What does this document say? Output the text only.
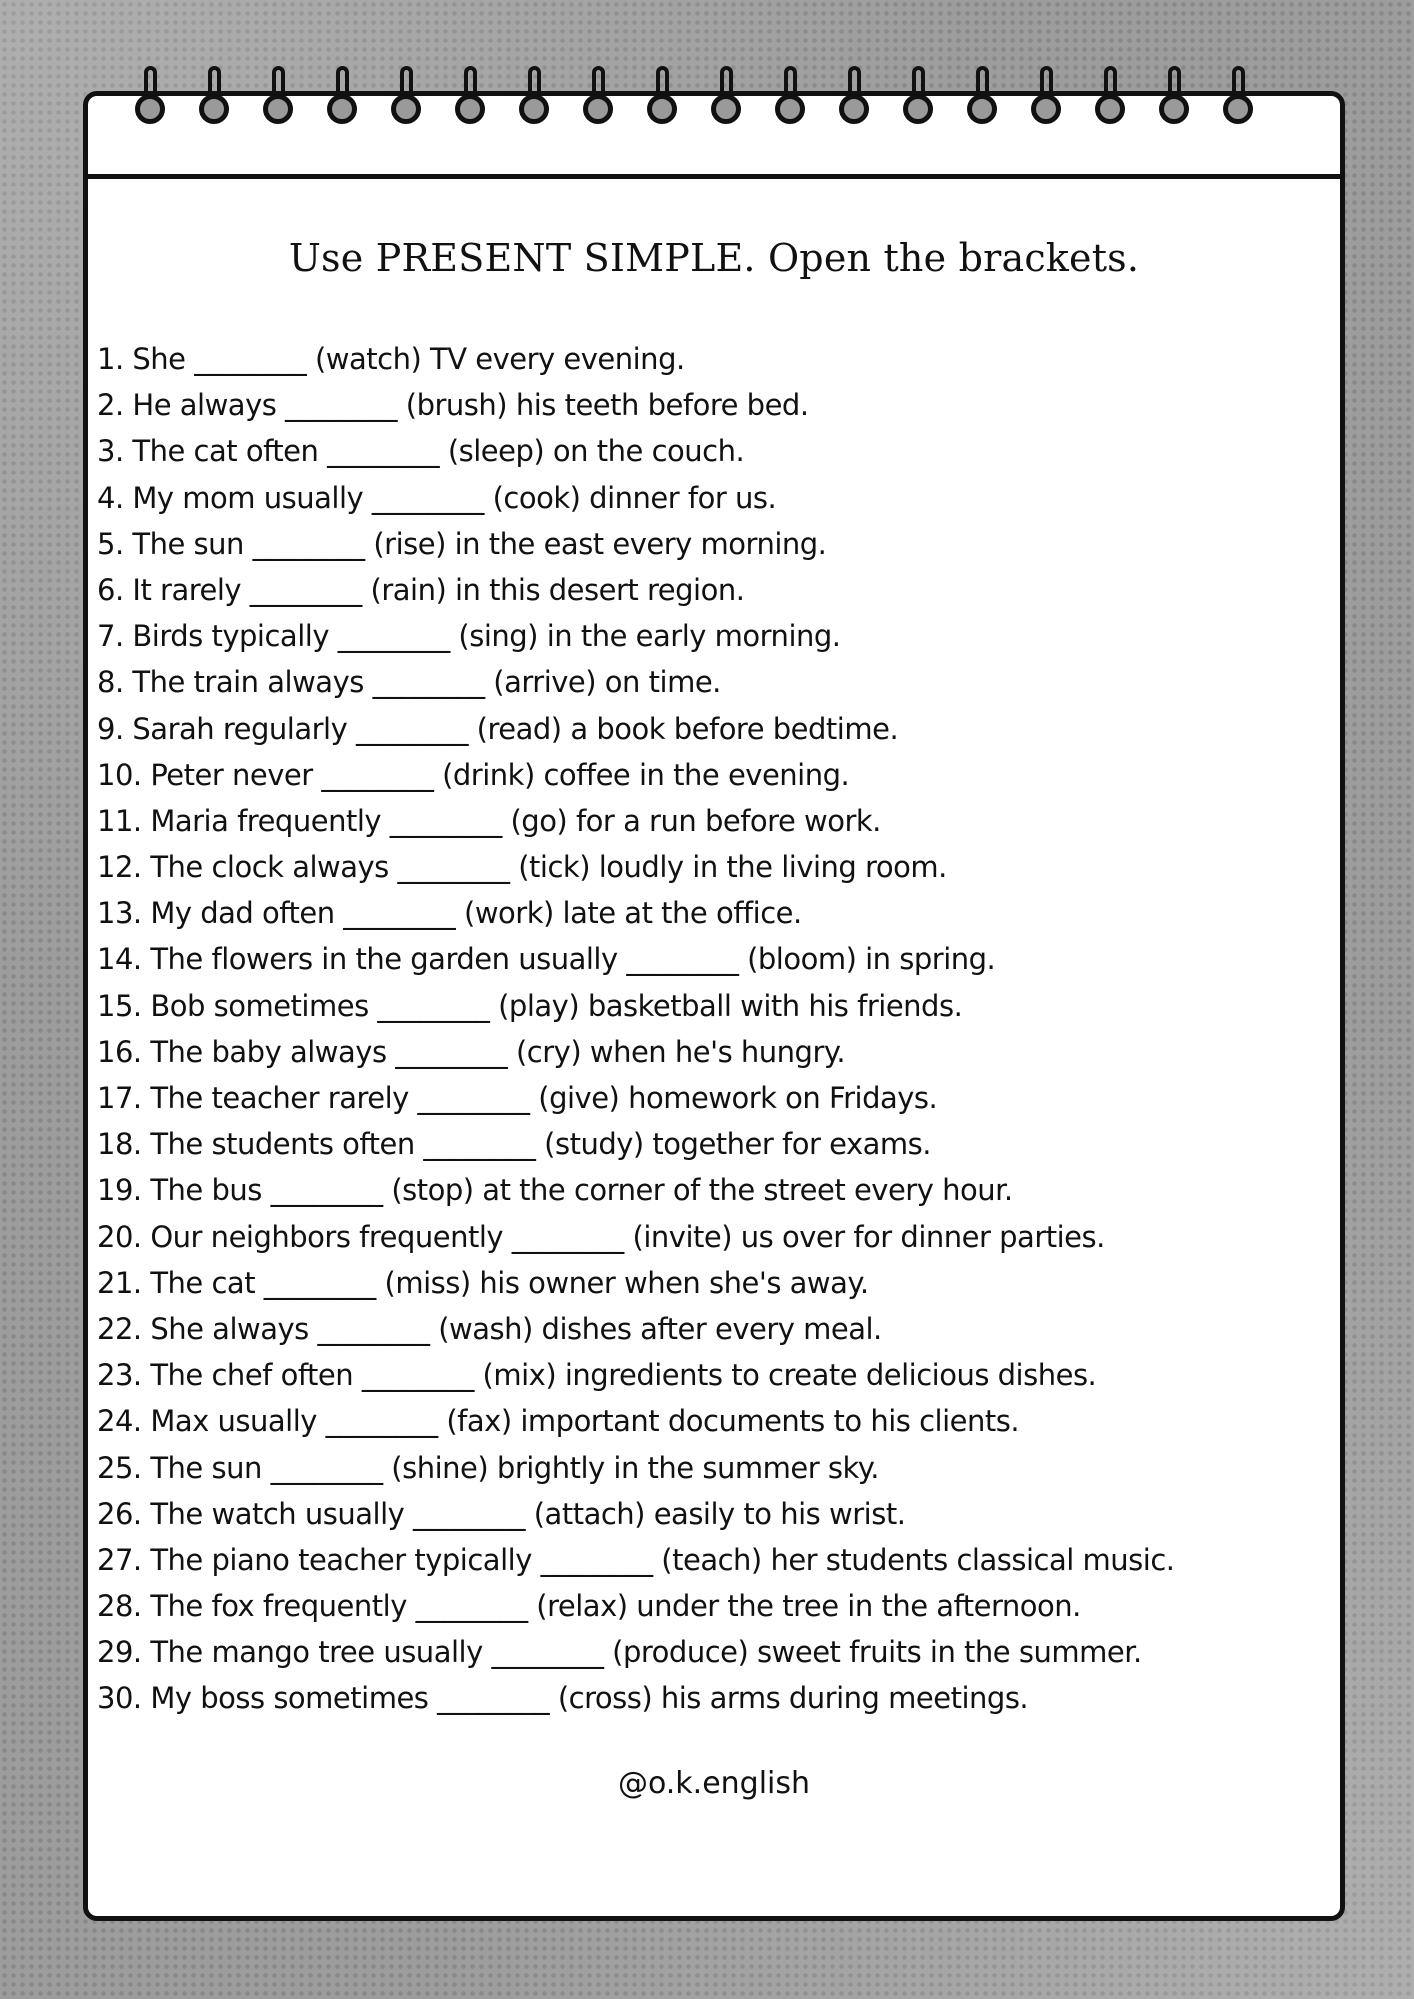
Use PRESENT SIMPLE. Open the brackets.
1. She ________ (watch) TV every evening.
2. He always ________ (brush) his teeth before bed.
3. The cat often ________ (sleep) on the couch.
4. My mom usually ________ (cook) dinner for us.
5. The sun ________ (rise) in the east every morning.
6. It rarely ________ (rain) in this desert region.
7. Birds typically ________ (sing) in the early morning.
8. The train always ________ (arrive) on time.
9. Sarah regularly ________ (read) a book before bedtime.
10. Peter never ________ (drink) coffee in the evening.
11. Maria frequently ________ (go) for a run before work.
12. The clock always ________ (tick) loudly in the living room.
13. My dad often ________ (work) late at the office.
14. The flowers in the garden usually ________ (bloom) in spring.
15. Bob sometimes ________ (play) basketball with his friends.
16. The baby always ________ (cry) when he's hungry.
17. The teacher rarely ________ (give) homework on Fridays.
18. The students often ________ (study) together for exams.
19. The bus ________ (stop) at the corner of the street every hour.
20. Our neighbors frequently ________ (invite) us over for dinner parties.
21. The cat ________ (miss) his owner when she's away.
22. She always ________ (wash) dishes after every meal.
23. The chef often ________ (mix) ingredients to create delicious dishes.
24. Max usually ________ (fax) important documents to his clients.
25. The sun ________ (shine) brightly in the summer sky.
26. The watch usually ________ (attach) easily to his wrist.
27. The piano teacher typically ________ (teach) her students classical music.
28. The fox frequently ________ (relax) under the tree in the afternoon.
29. The mango tree usually ________ (produce) sweet fruits in the summer.
30. My boss sometimes ________ (cross) his arms during meetings.
@o.k.english
